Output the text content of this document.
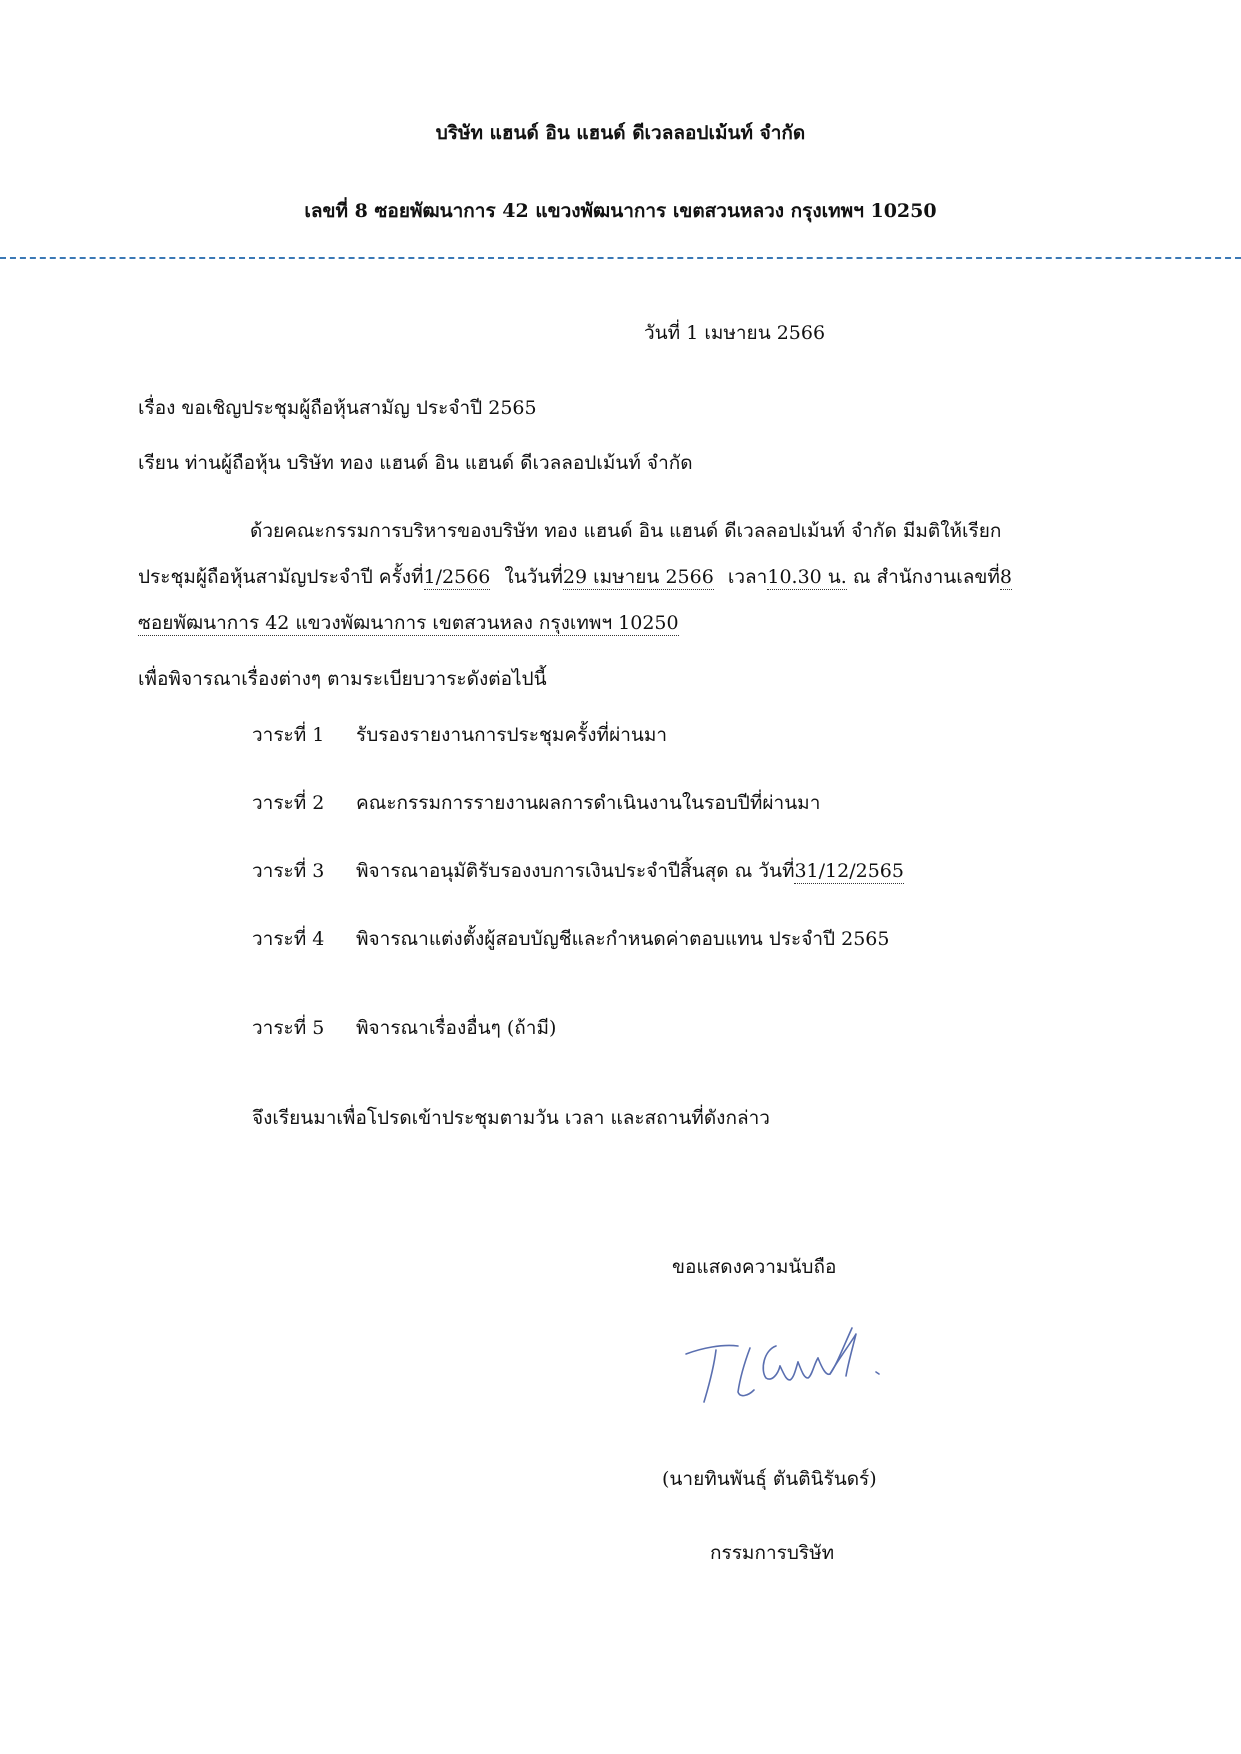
บริษัท แฮนด์ อิน แฮนด์ ดีเวลลอปเม้นท์ จำกัด
เลขที่ 8 ซอยพัฒนาการ 42 แขวงพัฒนาการ เขตสวนหลวง กรุงเทพฯ 10250
วันที่ 1 เมษายน 2566
เรื่อง ขอเชิญประชุมผู้ถือหุ้นสามัญ ประจำปี 2565
เรียน ท่านผู้ถือหุ้น บริษัท ทอง แฮนด์ อิน แฮนด์ ดีเวลลอปเม้นท์ จำกัด
ด้วยคณะกรรมการบริหารของบริษัท ทอง แฮนด์ อิน แฮนด์ ดีเวลลอปเม้นท์ จำกัด มีมติให้เรียก
ประชุมผู้ถือหุ้นสามัญประจำปี ครั้งที่1/2566 ในวันที่29 เมษายน 2566 เวลา10.30 น. ณ สำนักงานเลขที่8
ซอยพัฒนาการ 42 แขวงพัฒนาการ เขตสวนหลง กรุงเทพฯ 10250
เพื่อพิจารณาเรื่องต่างๆ ตามระเบียบวาระดังต่อไปนี้
วาระที่ 1 รับรองรายงานการประชุมครั้งที่ผ่านมา
วาระที่ 2 คณะกรรมการรายงานผลการดำเนินงานในรอบปีที่ผ่านมา
วาระที่ 3 พิจารณาอนุมัติรับรองงบการเงินประจำปีสิ้นสุด ณ วันที่31/12/2565
วาระที่ 4 พิจารณาแต่งตั้งผู้สอบบัญชีและกำหนดค่าตอบแทน ประจำปี 2565
วาระที่ 5 พิจารณาเรื่องอื่นๆ (ถ้ามี)
จึงเรียนมาเพื่อโปรดเข้าประชุมตามวัน เวลา และสถานที่ดังกล่าว
ขอแสดงความนับถือ
(นายทินพันธุ์ ตันตินิรันดร์)
กรรมการบริษัท
